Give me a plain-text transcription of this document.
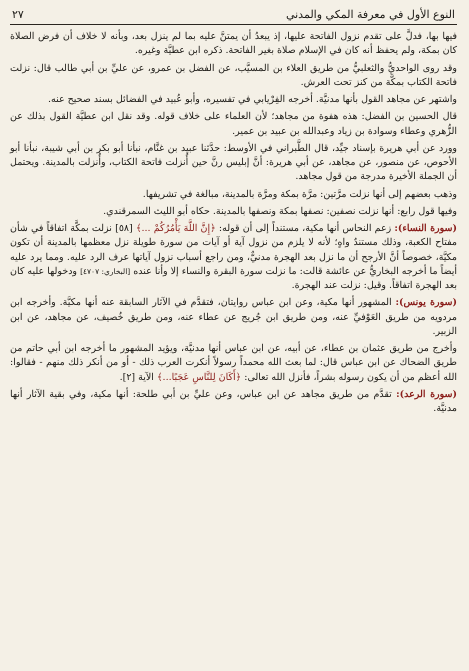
النوع الأول في معرفة المكي والمدني
٢٧

فيها بها، فدلَّ على تقدم نزول الفاتحة عليها، إذ يبعدُ أن يمتنَّ عليه بما لم ينزل بعد، وبأنه لا خلاف أن فرض الصلاة كان بمكة، ولم يحفظ أنه كان في الإسلام صلاة بغير الفاتحة. ذكره ابن عطيَّة وغيره.

وقد روى الواحديُّ والثعلبيُّ من طريق العلاء بن المسيَّب، عن الفضل بن عمرو، عن عليِّ بن أبي طالب قال: نزلت فاتحة الكتاب بمكَّة من كنز تحت العرش.

واشتهر عن مجاهد القول بأنها مدنيَّة. أخرجه الفِرْيابي في تفسيره، وأبو عُبيد في الفضائل بسند صحيح عنه.

قال الحسين بن الفضل: هذه هفوة من مجاهد؛ لأن العلماء على خلاف قوله. وقد نقل ابن عطيَّة القول بذلك عن الزُّهري وعطاء وسوادة بن زياد وعبدالله بن عبيد بن عمير.

وورد عن أبي هريرة بإسناد جيِّد، قال الطَّبراني في الأوسط: حدَّثنا عبيد بن غنَّام، نبأنا أبو بكر بن أبي شيبة، نبأنا أبو الأحوص، عن منصور، عن مجاهد، عن أبي هريرة: أنَّ إبليس رنَّ حين أُنزلت فاتحة الكتاب، وأُنزلت بالمدينة. ويحتمل أن الجملة الأخيرة مدرجة من قول مجاهد.

وذهب بعضهم إلى أنها نزلت مرَّتين: مرَّة بمكة ومرَّة بالمدينة، مبالغة في تشريفها.

وفيها قول رابع: أنها نزلت نصفين: نصفها بمكة ونصفها بالمدينة. حكاه أبو الليث السمرقندي.

(سورة النساء): زعم النحاس أنها مكية، مستنداً إلى أن قوله: ﴿إِنَّ اللَّهَ يَأْمُرُكُمْ ...﴾ [٥٨] نزلت بمكَّة اتفاقاً في شأن مفتاح الكعبة، وذلك مستندٌ واهٍ؛ لأنه لا يلزم من نزول آية أو آيات من سورة طويلة نزل معظمها بالمدينة أن تكون مكيَّة، خصوصاً أنَّ الأرجح أن ما نزل بعد الهجرة مدنيٌّ، ومن راجع أسباب نزول آياتها عرف الرد عليه. ومما يرد عليه أيضاً ما أخرجه البخاريُّ عن عائشة قالت: ما نزلت سورة البقرة والنساء إلا وأنا عنده [البخاري: ٤٧٠٧] ودخولها عليه كان بعد الهجرة اتفاقاً. وقيل: نزلت عند الهجرة.

(سورة يونس): المشهور أنها مكية، وعن ابن عباس روايتان، فتقدَّم في الآثار السابقة عنه أنها مكيَّة. وأخرجه ابن مردويه من طريق العَوْفيِّ عنه، ومن طريق ابن جُريج عن عطاء عنه، ومن طريق خُصيف، عن مجاهد، عن ابن الزبير.

وأخرج من طريق عثمان بن عطاء، عن أبيه، عن ابن عباس أنها مدنيَّة، ويؤيد المشهور ما أخرجه ابن أبي حاتم من طريق الضحاك عن ابن عباس قال: لما بعث الله محمداً رسولاً أنكرت العرب ذلك - أو من أنكر ذلك منهم - فقالوا: الله أعظم من أن يكون رسوله بشراً، فأنزل الله تعالى: ﴿أَكَانَ لِلنَّاسِ عَجَبًا...﴾ الآية [٢].

(سورة الرعد): تقدَّم من طريق مجاهد عن ابن عباس، وعن عليِّ بن أبي طلحة: أنها مكية، وفي بقية الآثار أنها مدنيَّة.
